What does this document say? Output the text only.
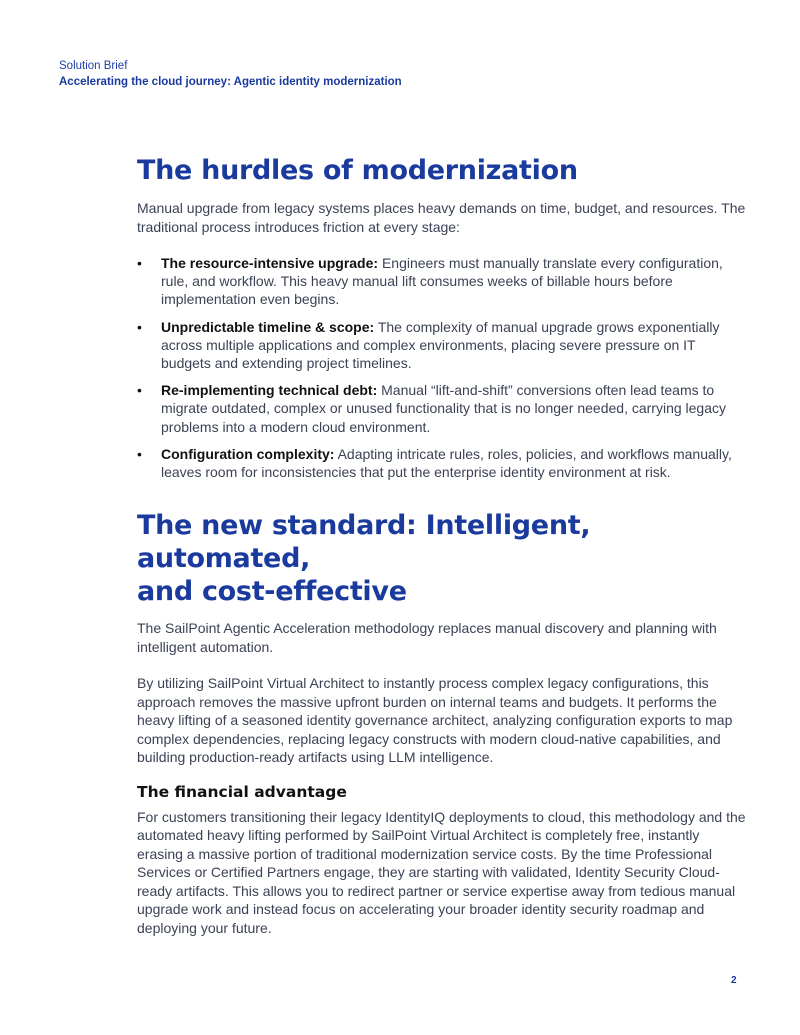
Solution Brief
Accelerating the cloud journey: Agentic identity modernization
The hurdles of modernization

Manual upgrade from legacy systems places heavy demands on time, budget, and resources. The traditional process introduces friction at every stage:

• The resource-intensive upgrade: Engineers must manually translate every configuration, rule, and workflow. This heavy manual lift consumes weeks of billable hours before implementation even begins.
• Unpredictable timeline & scope: The complexity of manual upgrade grows exponentially across multiple applications and complex environments, placing severe pressure on IT budgets and extending project timelines.
• Re-implementing technical debt: Manual “lift-and-shift” conversions often lead teams to migrate outdated, complex or unused functionality that is no longer needed, carrying legacy problems into a modern cloud environment.
• Configuration complexity: Adapting intricate rules, roles, policies, and workflows manually, leaves room for inconsistencies that put the enterprise identity environment at risk.
The new standard: Intelligent, automated,
and cost-effective

The SailPoint Agentic Acceleration methodology replaces manual discovery and planning with intelligent automation.

By utilizing SailPoint Virtual Architect to instantly process complex legacy configurations, this approach removes the massive upfront burden on internal teams and budgets. It performs the heavy lifting of a seasoned identity governance architect, analyzing configuration exports to map complex dependencies, replacing legacy constructs with modern cloud-native capabilities, and building production-ready artifacts using LLM intelligence.

The financial advantage

For customers transitioning their legacy IdentityIQ deployments to cloud, this methodology and the automated heavy lifting performed by SailPoint Virtual Architect is completely free, instantly erasing a massive portion of traditional modernization service costs. By the time Professional Services or Certified Partners engage, they are starting with validated, Identity Security Cloud-ready artifacts. This allows you to redirect partner or service expertise away from tedious manual upgrade work and instead focus on accelerating your broader identity security roadmap and deploying your future.

2
